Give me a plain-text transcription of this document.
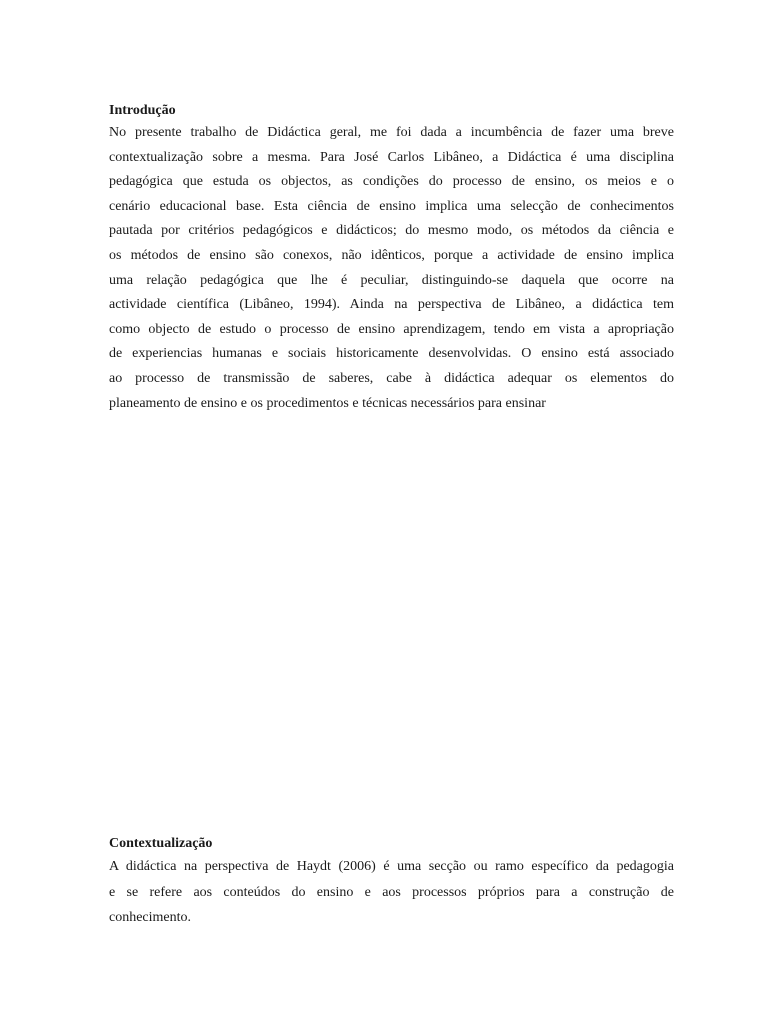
Introdução

No presente trabalho de Didáctica geral, me foi dada a incumbência de fazer uma breve
contextualização sobre a mesma. Para José Carlos Libâneo, a Didáctica é uma disciplina
pedagógica que estuda os objectos, as condições do processo de ensino, os meios e o
cenário educacional base. Esta ciência de ensino implica uma selecção de conhecimentos
pautada por critérios pedagógicos e didácticos; do mesmo modo, os métodos da ciência e
os métodos de ensino são conexos, não idênticos, porque a actividade de ensino implica
uma relação pedagógica que lhe é peculiar, distinguindo-se daquela que ocorre na
actividade científica (Libâneo, 1994). Ainda na perspectiva de Libâneo, a didáctica tem
como objecto de estudo o processo de ensino aprendizagem, tendo em vista a apropriação
de experiencias humanas e sociais historicamente desenvolvidas. O ensino está associado
ao processo de transmissão de saberes, cabe à didáctica adequar os elementos do
planeamento de ensino e os procedimentos e técnicas necessários para ensinar

Contextualização

A didáctica na perspectiva de Haydt (2006) é uma secção ou ramo específico da pedagogia
e se refere aos conteúdos do ensino e aos processos próprios para a construção de
conhecimento.
